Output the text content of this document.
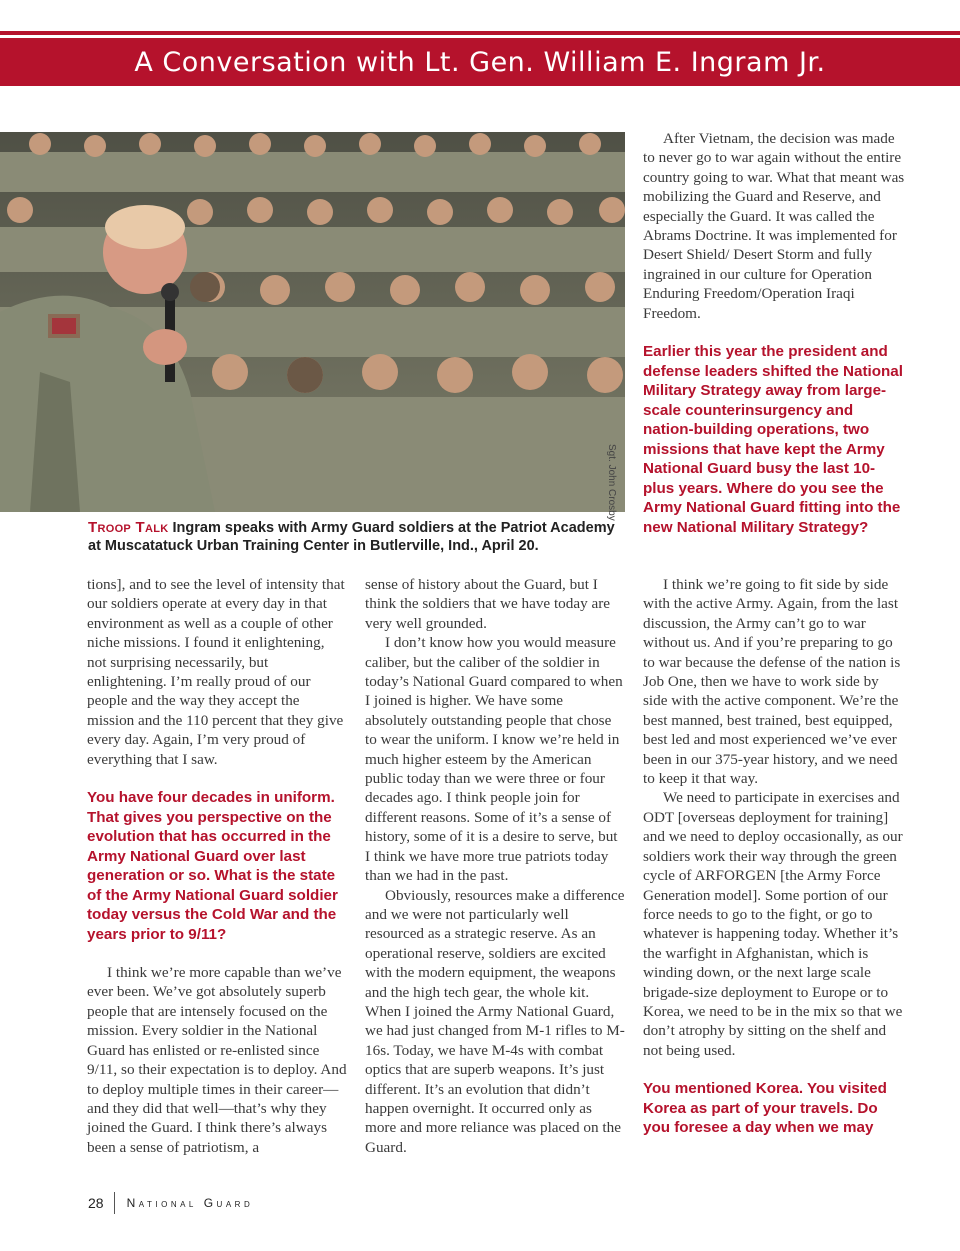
A Conversation with Lt. Gen. William E. Ingram Jr.
Sgt. John Crosby
Troop Talk Ingram speaks with Army Guard soldiers at the Patriot Academy at Muscatatuck Urban Training Center in Butlerville, Ind., April 20.

After Vietnam, the decision was made to never go to war again without the entire country going to war. What that meant was mobilizing the Guard and Reserve, and especially the Guard. It was called the Abrams Doctrine. It was implemented for Desert Shield/ Desert Storm and fully ingrained in our culture for Operation Enduring Freedom/Operation Iraqi Freedom.

Earlier this year the president and defense leaders shifted the National Military Strategy away from large-scale counterinsurgency and nation-building operations, two missions that have kept the Army National Guard busy the last 10-plus years. Where do you see the Army National Guard fitting into the new National Military Strategy?

tions], and to see the level of intensity that our soldiers operate at every day in that environment as well as a couple of other niche missions. I found it enlightening, not surprising necessarily, but enlightening. I’m really proud of our people and the way they accept the mission and the 110 percent that they give every day. Again, I’m very proud of everything that I saw.

You have four decades in uniform. That gives you perspective on the evolution that has occurred in the Army National Guard over last generation or so. What is the state of the Army National Guard soldier today versus the Cold War and the years prior to 9/11?

I think we’re more capable than we’ve ever been. We’ve got absolutely superb people that are intensely focused on the mission. Every soldier in the National Guard has enlisted or re-enlisted since 9/11, so their expectation is to deploy. And to deploy multiple times in their career—and they did that well—that’s why they joined the Guard. I think there’s always been a sense of patriotism, a

sense of history about the Guard, but I think the soldiers that we have today are very well grounded.

I don’t know how you would measure caliber, but the caliber of the soldier in today’s National Guard compared to when I joined is higher. We have some absolutely outstanding people that chose to wear the uniform. I know we’re held in much higher esteem by the American public today than we were three or four decades ago. I think people join for different reasons. Some of it’s a sense of history, some of it is a desire to serve, but I think we have more true patriots today than we had in the past.

Obviously, resources make a difference and we were not particularly well resourced as a strategic reserve. As an operational reserve, soldiers are excited with the modern equipment, the weapons and the high tech gear, the whole kit. When I joined the Army National Guard, we had just changed from M-1 rifles to M-16s. Today, we have M-4s with combat optics that are superb weapons. It’s just different. It’s an evolution that didn’t happen overnight. It occurred only as more and more reliance was placed on the Guard.

I think we’re going to fit side by side with the active Army. Again, from the last discussion, the Army can’t go to war without us. And if you’re preparing to go to war because the defense of the nation is Job One, then we have to work side by side with the active component. We’re the best manned, best trained, best equipped, best led and most experienced we’ve ever been in our 375-year history, and we need to keep it that way.

We need to participate in exercises and ODT [overseas deployment for training] and we need to deploy occasionally, as our soldiers work their way through the green cycle of ARFORGEN [the Army Force Generation model]. Some portion of our force needs to go to the fight, or go to whatever is happening today. Whether it’s the warfight in Afghanistan, which is winding down, or the next large scale brigade-size deployment to Europe or to Korea, we need to be in the mix so that we don’t atrophy by sitting on the shelf and not being used.

You mentioned Korea. You visited Korea as part of your travels. Do you foresee a day when we may

28 National Guard
